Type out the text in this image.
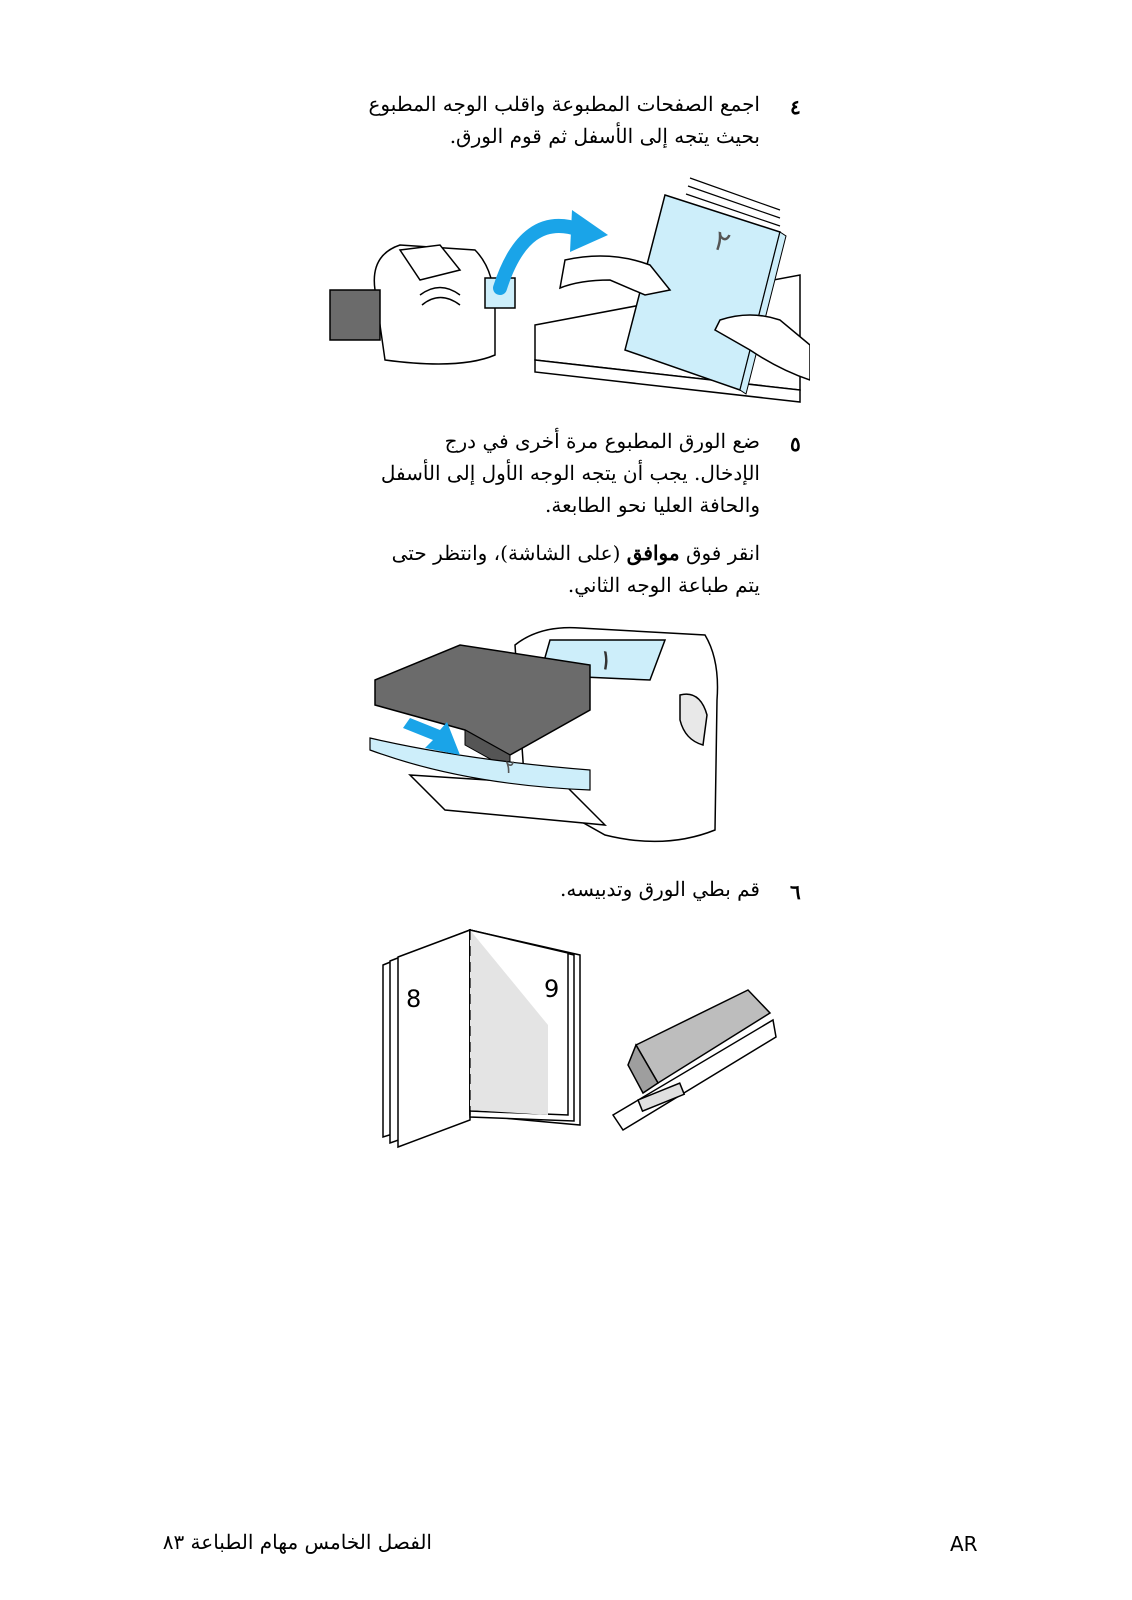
٤
اجمع الصفحات المطبوعة واقلب الوجه المطبوع
بحيث يتجه إلى الأسفل ثم قوم الورق.
٢
٥
ضع الورق المطبوع مرة أخرى في درج
الإدخال. يجب أن يتجه الوجه الأول إلى الأسفل
والحافة العليا نحو الطابعة.
انقر فوق موافق (على الشاشة)، وانتظر حتى
يتم طباعة الوجه الثاني.
١
٢
٦
قم بطي الورق وتدبيسه.
8	9
AR
الفصل الخامس مهام الطباعة ٨٣
